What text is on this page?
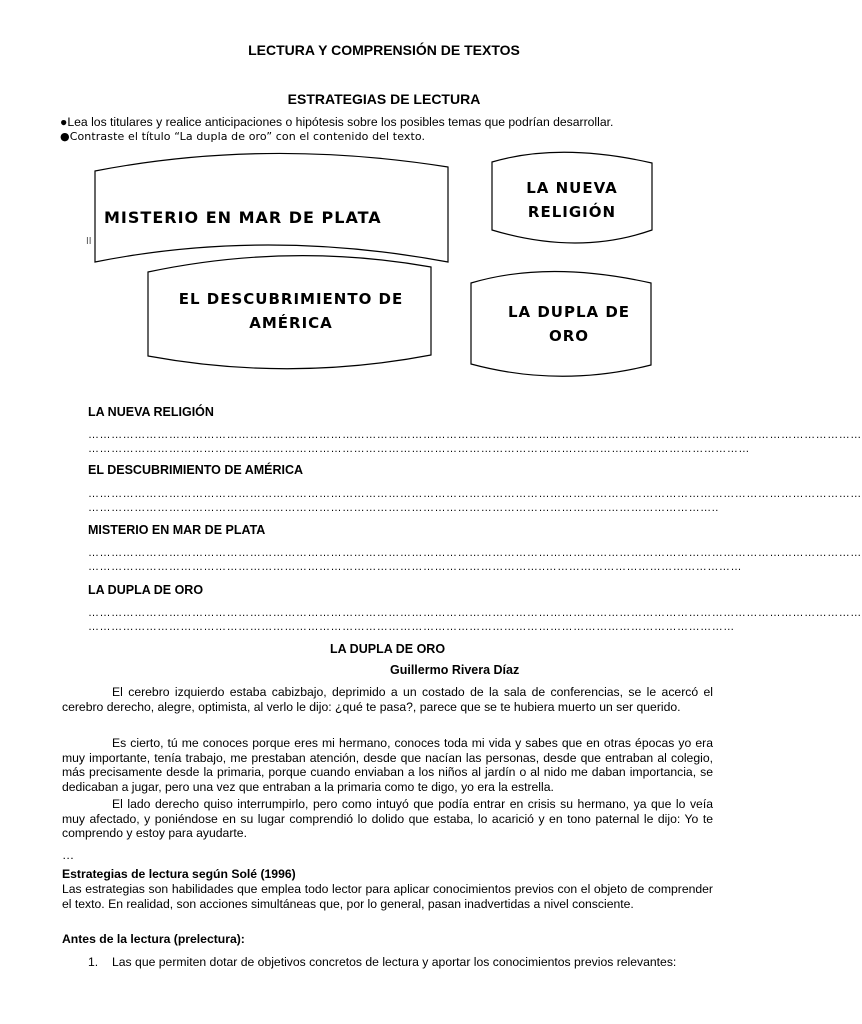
LECTURA Y COMPRENSIÓN DE TEXTOS
ESTRATEGIAS DE LECTURA
●Lea los titulares y realice anticipaciones o hipótesis sobre los posibles temas que podrían desarrollar.
●Contraste el título “La dupla de oro” con el contenido del texto.
MISTERIO EN MAR DE PLATA
LA NUEVA
RELIGIÓN
EL DESCUBRIMIENTO DE
AMÉRICA
LA DUPLA DE
ORO
II
LA NUEVA RELIGIÓN
…………………………………………………………………………………………………………………………………………………………………………………
……………………………………………………………………………………………………………….………………………………………
EL DESCUBRIMIENTO DE AMÉRICA
…………………………………………………………………………………………………………………………………………………………………………………
………………………………………………………………………………………………………………………………………………..
MISTERIO EN MAR DE PLATA
…………………………………………………………………………………………………………………………………………………………………………………
………………………………………………………………………………………………………..……………………………………………
LA DUPLA DE ORO
…………………………………………………………………………………………………………………………………………………………………………………
……………………………………………………………………………………………………………………………………………………
LA DUPLA DE ORO
Guillermo Rivera Díaz
El cerebro izquierdo estaba cabizbajo, deprimido a un costado de la sala de conferencias, se le acercó el cerebro derecho, alegre, optimista, al verlo le dijo: ¿qué te pasa?, parece que se te hubiera muerto un ser querido.
Es cierto, tú me conoces porque eres mi hermano, conoces toda mi vida y sabes que en otras épocas yo era muy importante, tenía trabajo, me prestaban atención, desde que nacían las personas, desde que entraban al colegio, más precisamente desde la primaria, porque cuando enviaban a los niños al jardín o al nido me daban importancia, se dedicaban a jugar, pero una vez que entraban a la primaria como te digo, yo era la estrella.
El lado derecho quiso interrumpirlo, pero como intuyó que podía entrar en crisis su hermano, ya que lo veía muy afectado, y poniéndose en su lugar comprendió lo dolido que estaba, lo acarició y en tono paternal le dijo: Yo te comprendo y estoy para ayudarte.
…
Estrategias de lectura según Solé (1996)
Las estrategias son habilidades que emplea todo lector para aplicar conocimientos previos con el objeto de comprender el texto. En realidad, son acciones simultáneas que, por lo general, pasan inadvertidas a nivel consciente.
Antes de la lectura (prelectura):
1. Las que permiten dotar de objetivos concretos de lectura y aportar los conocimientos previos relevantes:
